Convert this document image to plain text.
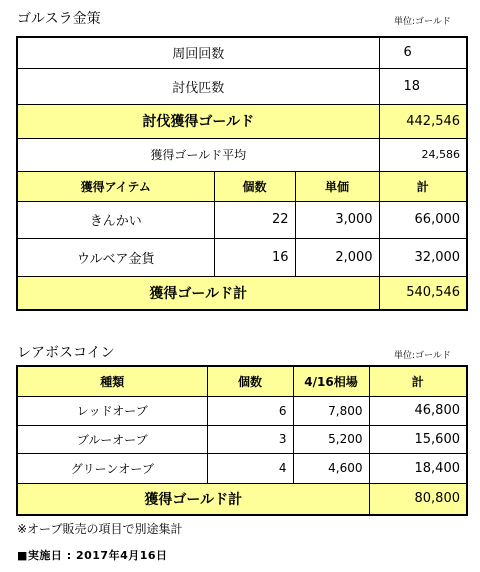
ゴルスラ金策	単位:ゴールド
周回回数			6
討伐匹数			18
討伐獲得ゴールド			442,546
獲得ゴールド平均			24,586
獲得アイテム	個数	単価	計
きんかい	22	3,000	66,000
ウルベア金貨	16	2,000	32,000
獲得ゴールド計			540,546
レアボスコイン	単位:ゴールド
種類	個数	4/16相場	計
レッドオーブ	6	7,800	46,800
ブルーオーブ	3	5,200	15,600
グリーンオーブ	4	4,600	18,400
獲得ゴールド計			80,800
※オーブ販売の項目で別途集計
■実施日 : 2017年4月16日
